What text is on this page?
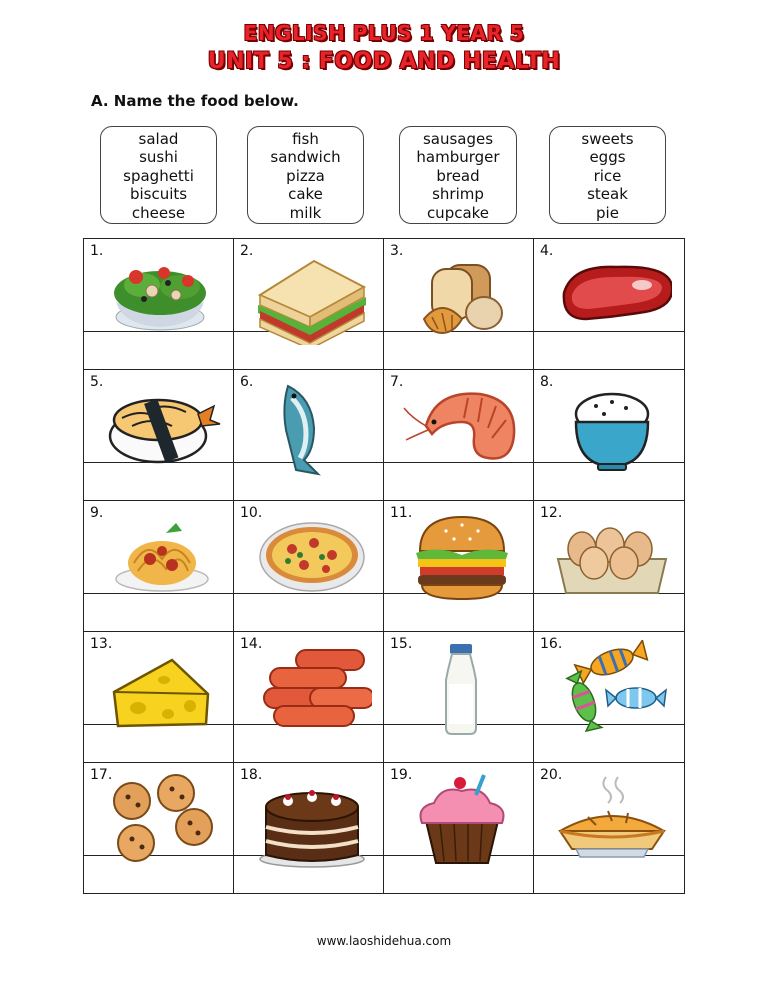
ENGLISH PLUS 1 YEAR 5
UNIT 5 : FOOD AND HEALTH
A. Name the food below.
salad
sushi
spaghetti
biscuits
cheese
fish
sandwich
pizza
cake
milk
sausages
hamburger
bread
shrimp
cupcake
sweets
eggs
rice
steak
pie
1.	2.	3.	4.
5.	6.	7.	8.
9.	10.	11.	12.
13.	14.	15.	16.
17.	18.	19.	20.
www.laoshidehua.com
